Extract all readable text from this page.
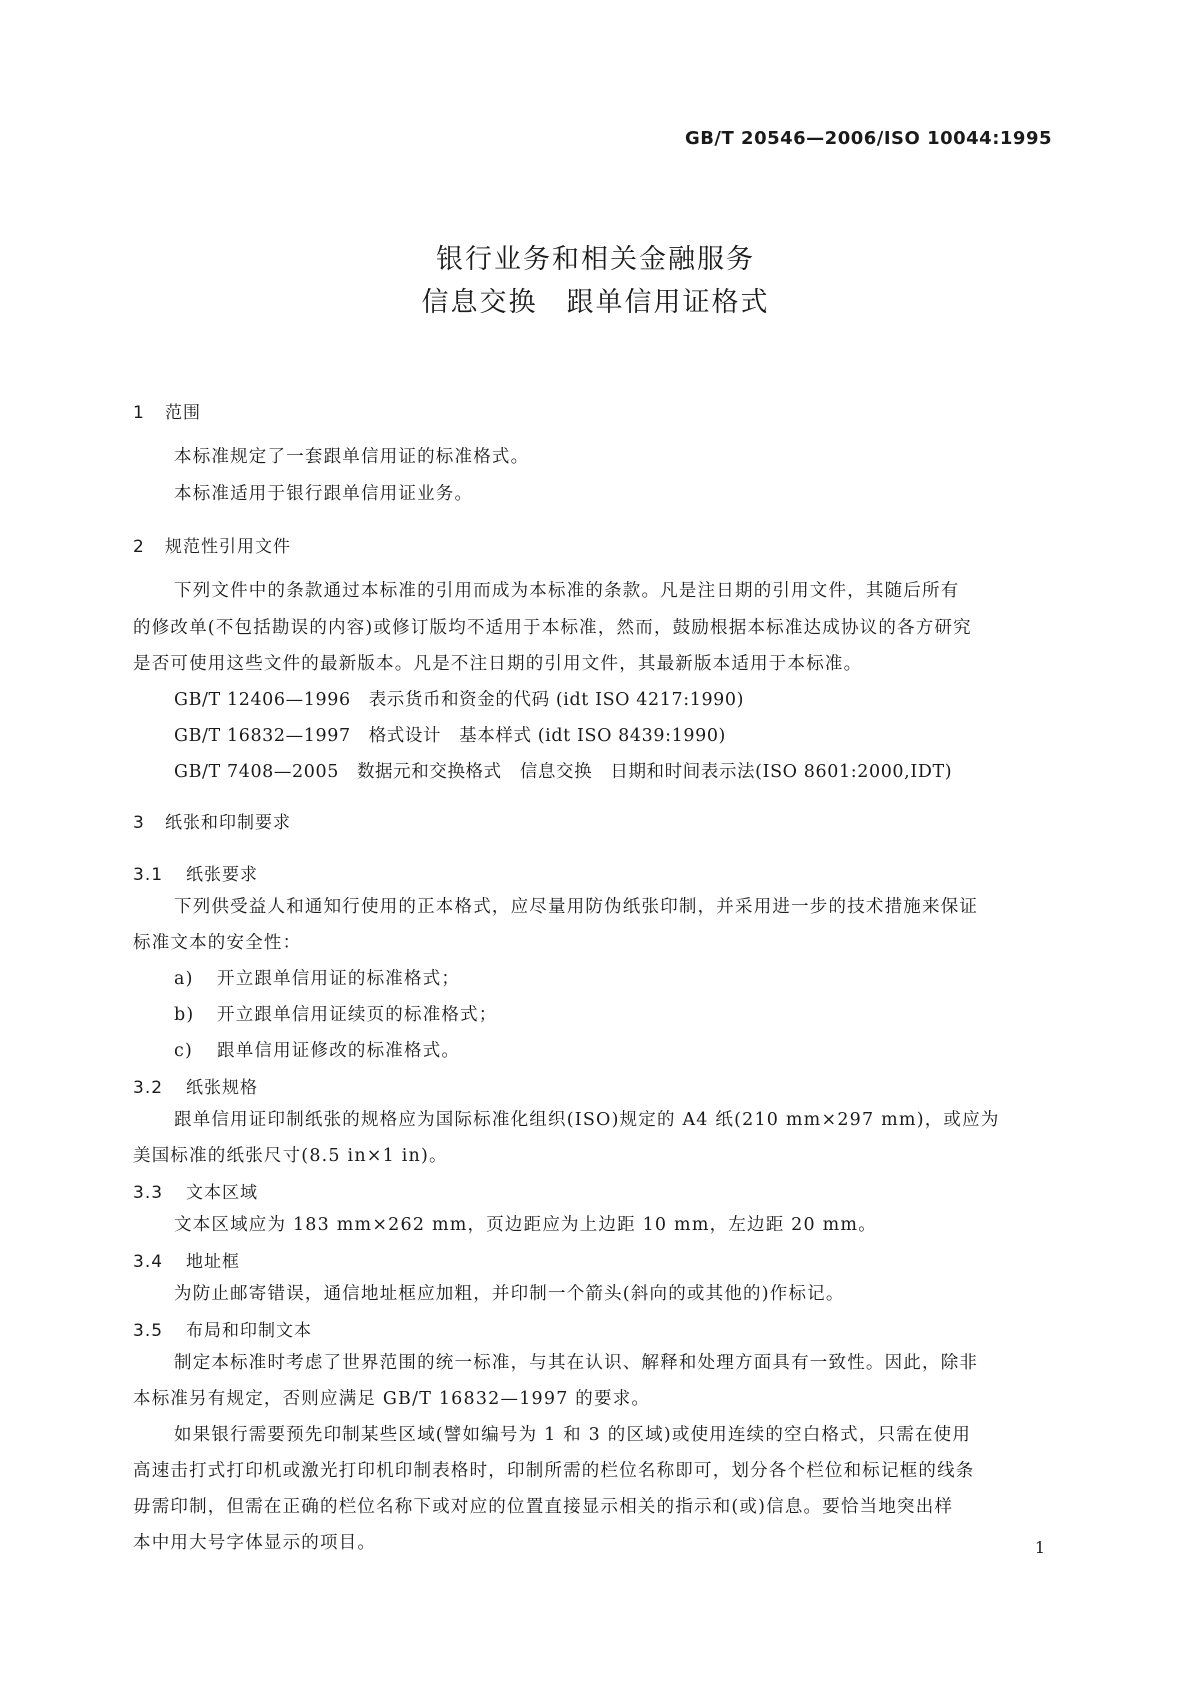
GB/T 20546—2006/ISO 10044:1995
银行业务和相关金融服务
信息交换　跟单信用证格式
1 范围
本标准规定了一套跟单信用证的标准格式。
本标准适用于银行跟单信用证业务。
2 规范性引用文件
下列文件中的条款通过本标准的引用而成为本标准的条款。凡是注日期的引用文件，其随后所有
的修改单(不包括勘误的内容)或修订版均不适用于本标准，然而，鼓励根据本标准达成协议的各方研究
是否可使用这些文件的最新版本。凡是不注日期的引用文件，其最新版本适用于本标准。
GB/T 12406—1996 表示货币和资金的代码 (idt ISO 4217:1990)
GB/T 16832—1997 格式设计　基本样式 (idt ISO 8439:1990)
GB/T 7408—2005 数据元和交换格式　信息交换　日期和时间表示法(ISO 8601:2000,IDT)
3 纸张和印制要求
3.1 纸张要求
下列供受益人和通知行使用的正本格式，应尽量用防伪纸张印制，并采用进一步的技术措施来保证
标准文本的安全性：
a) 开立跟单信用证的标准格式；
b) 开立跟单信用证续页的标准格式；
c) 跟单信用证修改的标准格式。
3.2 纸张规格
跟单信用证印制纸张的规格应为国际标准化组织(ISO)规定的 A4 纸(210 mm×297 mm)，或应为
美国标准的纸张尺寸(8.5 in×1 in)。
3.3 文本区域
文本区域应为 183 mm×262 mm，页边距应为上边距 10 mm，左边距 20 mm。
3.4 地址框
为防止邮寄错误，通信地址框应加粗，并印制一个箭头(斜向的或其他的)作标记。
3.5 布局和印制文本
制定本标准时考虑了世界范围的统一标准，与其在认识、解释和处理方面具有一致性。因此，除非
本标准另有规定，否则应满足 GB/T 16832—1997 的要求。
如果银行需要预先印制某些区域(譬如编号为 1 和 3 的区域)或使用连续的空白格式，只需在使用
高速击打式打印机或激光打印机印制表格时，印制所需的栏位名称即可，划分各个栏位和标记框的线条
毋需印制，但需在正确的栏位名称下或对应的位置直接显示相关的指示和(或)信息。要恰当地突出样
本中用大号字体显示的项目。	1
